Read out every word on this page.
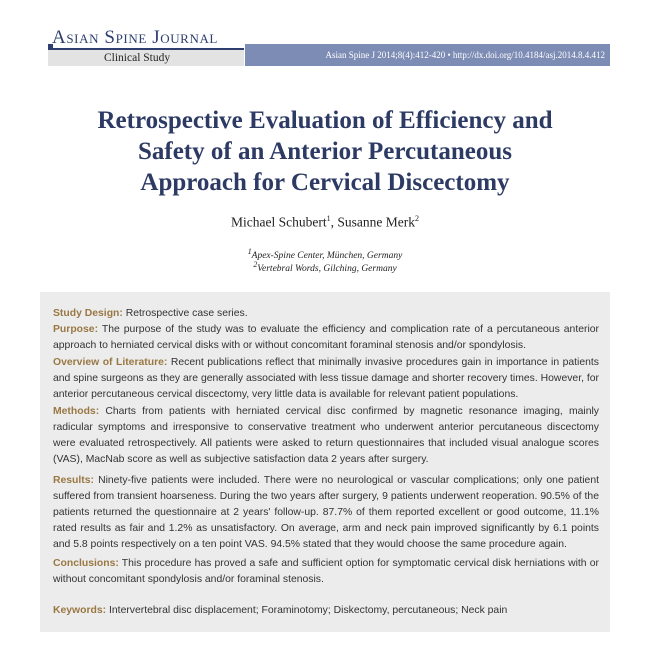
Asian Spine Journal
Clinical Study	Asian Spine J 2014;8(4):412-420 • http://dx.doi.org/10.4184/asj.2014.8.4.412
Retrospective Evaluation of Efficiency and
Safety of an Anterior Percutaneous
Approach for Cervical Discectomy
Michael Schubert$^1$, Susanne Merk$^2$
$^1$Apex-Spine Center, München, Germany
$^2$Vertebral Words, Gilching, Germany
Study Design: Retrospective case series.
Purpose: The purpose of the study was to evaluate the efficiency and complication rate of a percutaneous anterior approach to herniated cervical disks with or without concomitant foraminal stenosis and/or spondylosis.
Overview of Literature: Recent publications reflect that minimally invasive procedures gain in importance in patients and spine surgeons as they are generally associated with less tissue damage and shorter recovery times. However, for anterior percutaneous cervical discectomy, very little data is available for relevant patient populations.
Methods: Charts from patients with herniated cervical disc confirmed by magnetic resonance imaging, mainly radicular symptoms and irresponsive to conservative treatment who underwent anterior percutaneous discectomy were evaluated retrospectively. All patients were asked to return questionnaires that included visual analogue scores (VAS), MacNab score as well as subjective satisfaction data 2 years after surgery.
Results: Ninety-five patients were included. There were no neurological or vascular complications; only one patient suffered from transient hoarseness. During the two years after surgery, 9 patients underwent reoperation. 90.5% of the patients returned the questionnaire at 2 years' follow-up. 87.7% of them reported excellent or good outcome, 11.1% rated results as fair and 1.2% as unsatisfactory. On average, arm and neck pain improved significantly by 6.1 points and 5.8 points respectively on a ten point VAS. 94.5% stated that they would choose the same procedure again.
Conclusions: This procedure has proved a safe and sufficient option for symptomatic cervical disk herniations with or without concomitant spondylosis and/or foraminal stenosis.
Keywords: Intervertebral disc displacement; Foraminotomy; Diskectomy, percutaneous; Neck pain
